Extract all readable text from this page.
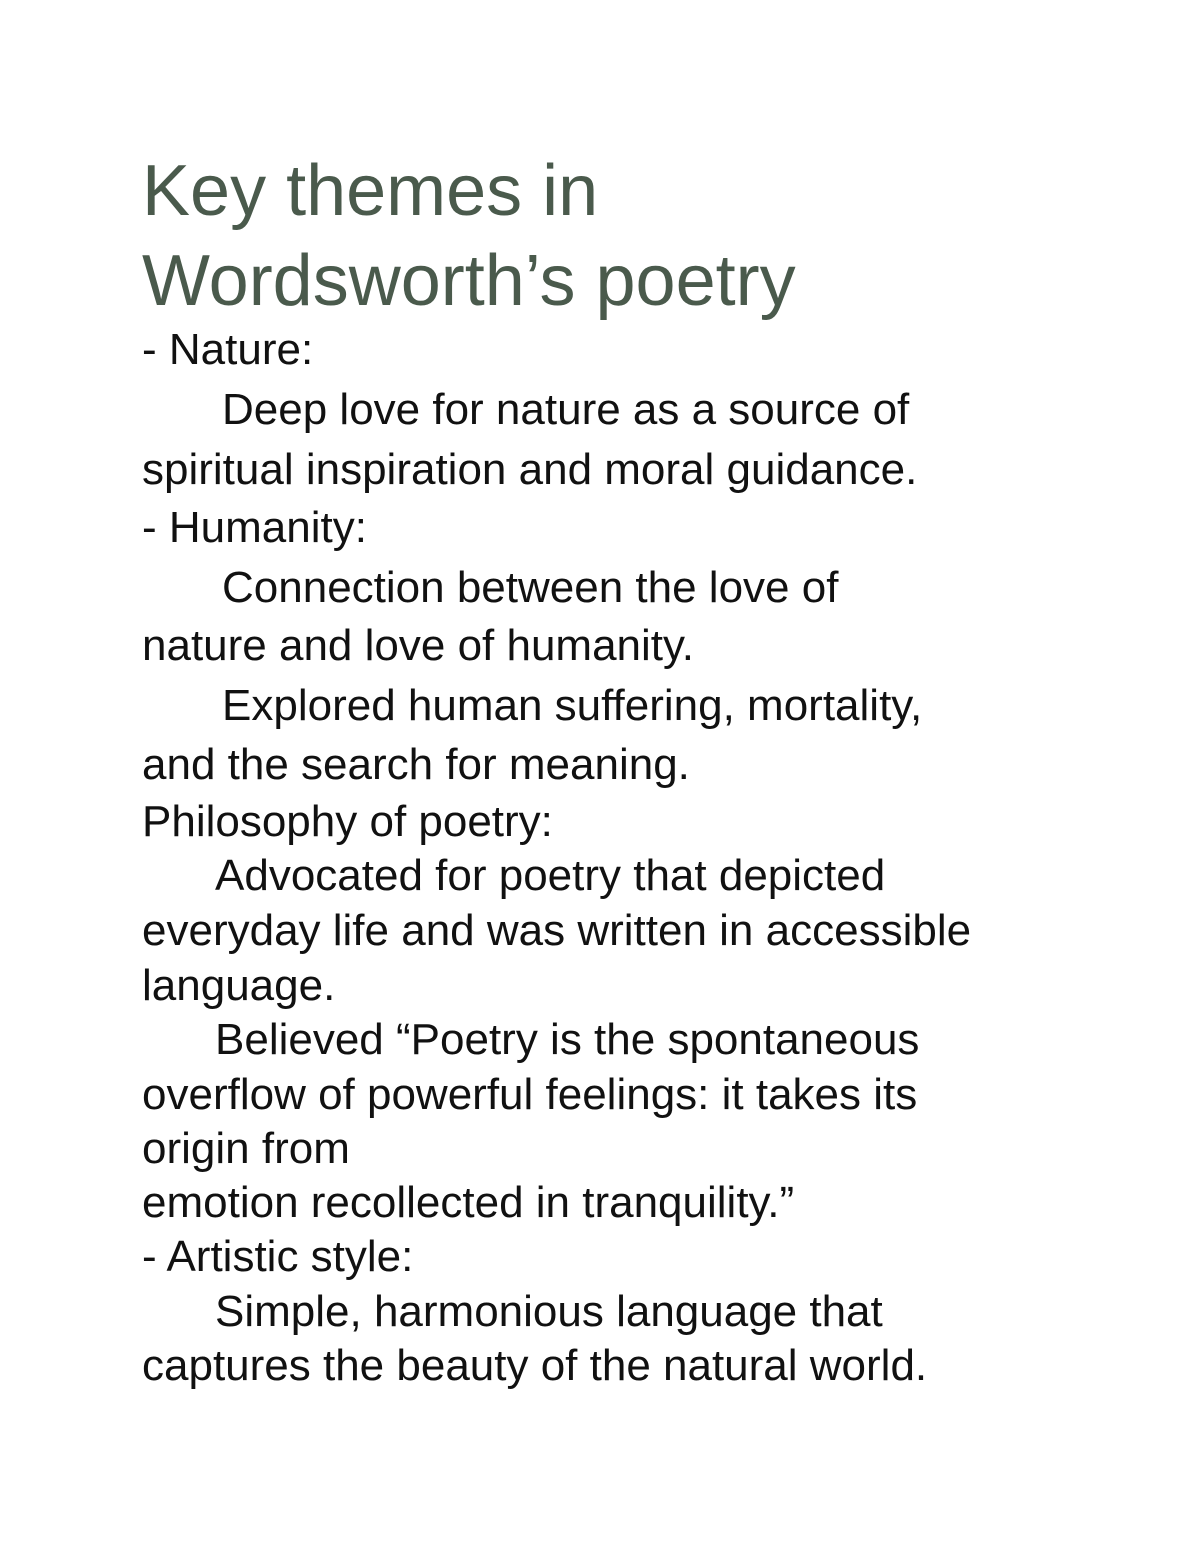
Key themes in
Wordsworth’s poetry

- Nature:

Deep love for nature as a source of

spiritual inspiration and moral guidance.

- Humanity:

Connection between the love of

nature and love of humanity.

Explored human suffering, mortality,

and the search for meaning.

Philosophy of poetry:

Advocated for poetry that depicted

everyday life and was written in accessible

language.

Believed “Poetry is the spontaneous

overflow of powerful feelings: it takes its

origin from

emotion recollected in tranquility.”

- Artistic style:

Simple, harmonious language that

captures the beauty of the natural world.
